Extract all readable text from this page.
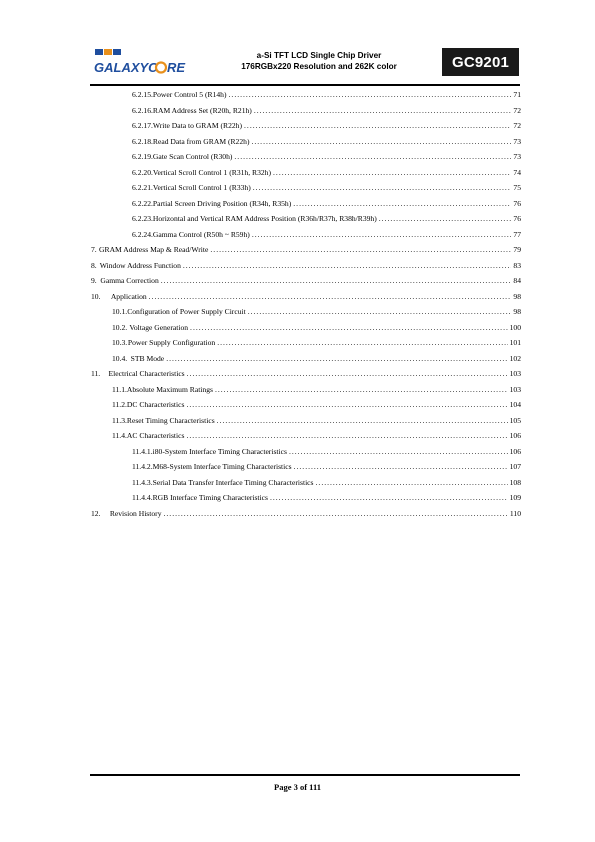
GALAXYC RE
a-Si TFT LCD Single Chip Driver
176RGBx220 Resolution and 262K color	GC9201
6.2.15. Power Control 5 (R14h) .....	71
6.2.16. RAM Address Set (R20h, R21h) .....	72
6.2.17. Write Data to GRAM (R22h) .....	72
6.2.18. Read Data from GRAM (R22h) .....	73
6.2.19. Gate Scan Control (R30h) .....	73
6.2.20. Vertical Scroll Control 1 (R31h, R32h) .....	74
6.2.21. Vertical Scroll Control 1 (R33h) .....	75
6.2.22. Partial Screen Driving Position (R34h, R35h) .....	76
6.2.23. Horizontal and Vertical RAM Address Position (R36h/R37h, R38h/R39h) .....	76
6.2.24. Gamma Control (R50h ~ R59h) .....	77
7. GRAM Address Map & Read/Write .....	79
8. Window Address Function .....	83
9. Gamma Correction .....	84
10.	Application .....	98
10.1. Configuration of Power Supply Circuit .....	98
10.2. Voltage Generation .....	100
10.3. Power Supply Configuration .....	101
10.4. STB Mode .....	102
11.	Electrical Characteristics .....	103
11.1. Absolute Maximum Ratings .....	103
11.2. DC Characteristics .....	104
11.3. Reset Timing Characteristics .....	105
11.4. AC Characteristics .....	106
11.4.1. i80-System Interface Timing Characteristics .....	106
11.4.2. M68-System Interface Timing Characteristics .....	107
11.4.3. Serial Data Transfer Interface Timing Characteristics .....	108
11.4.4. RGB Interface Timing Characteristics .....	109
12.	Revision History .....	110
Page 3 of 111
